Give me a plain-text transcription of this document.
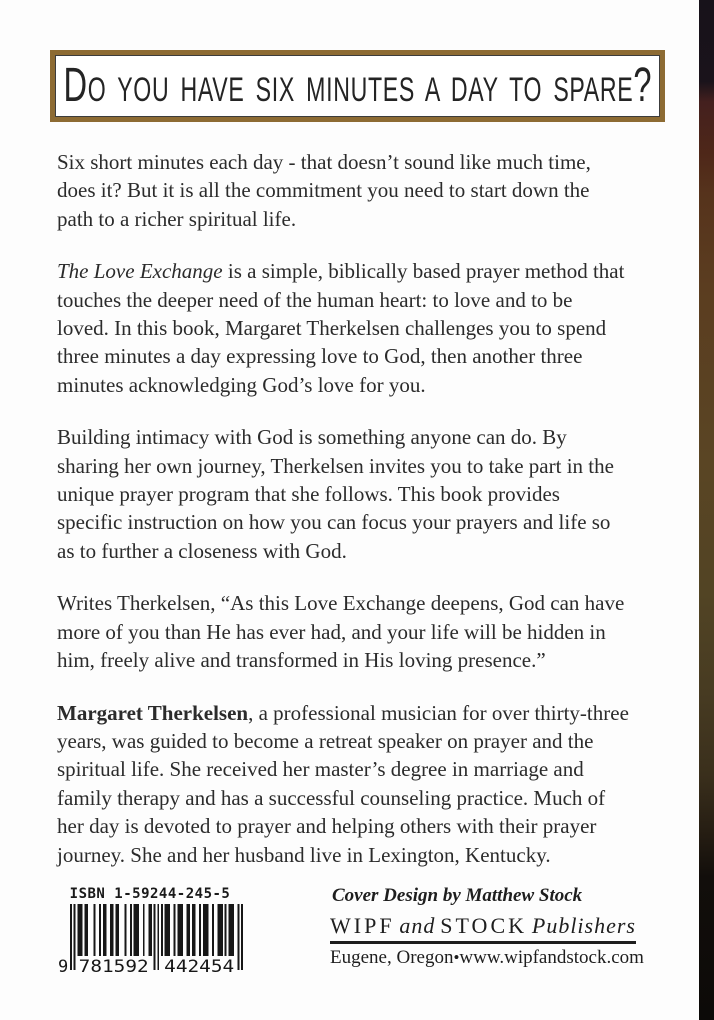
DO YOU HAVE SIX MINUTES A DAY TO SPARE?
Six short minutes each day - that doesn’t sound like much time,
does it? But it is all the commitment you need to start down the
path to a richer spiritual life.
The Love Exchange is a simple, biblically based prayer method that
touches the deeper need of the human heart: to love and to be
loved. In this book, Margaret Therkelsen challenges you to spend
three minutes a day expressing love to God, then another three
minutes acknowledging God’s love for you.
Building intimacy with God is something anyone can do. By
sharing her own journey, Therkelsen invites you to take part in the
unique prayer program that she follows. This book provides
specific instruction on how you can focus your prayers and life so
as to further a closeness with God.
Writes Therkelsen, “As this Love Exchange deepens, God can have
more of you than He has ever had, and your life will be hidden in
him, freely alive and transformed in His loving presence.”
Margaret Therkelsen, a professional musician for over thirty-three
years, was guided to become a retreat speaker on prayer and the
spiritual life. She received her master’s degree in marriage and
family therapy and has a successful counseling practice. Much of
her day is devoted to prayer and helping others with their prayer
journey. She and her husband live in Lexington, Kentucky.
ISBN 1-59244-245-5
9 781592 442454
Cover Design by Matthew Stock
WIPF and STOCK Publishers
Eugene, Oregon • www.wipfandstock.com
